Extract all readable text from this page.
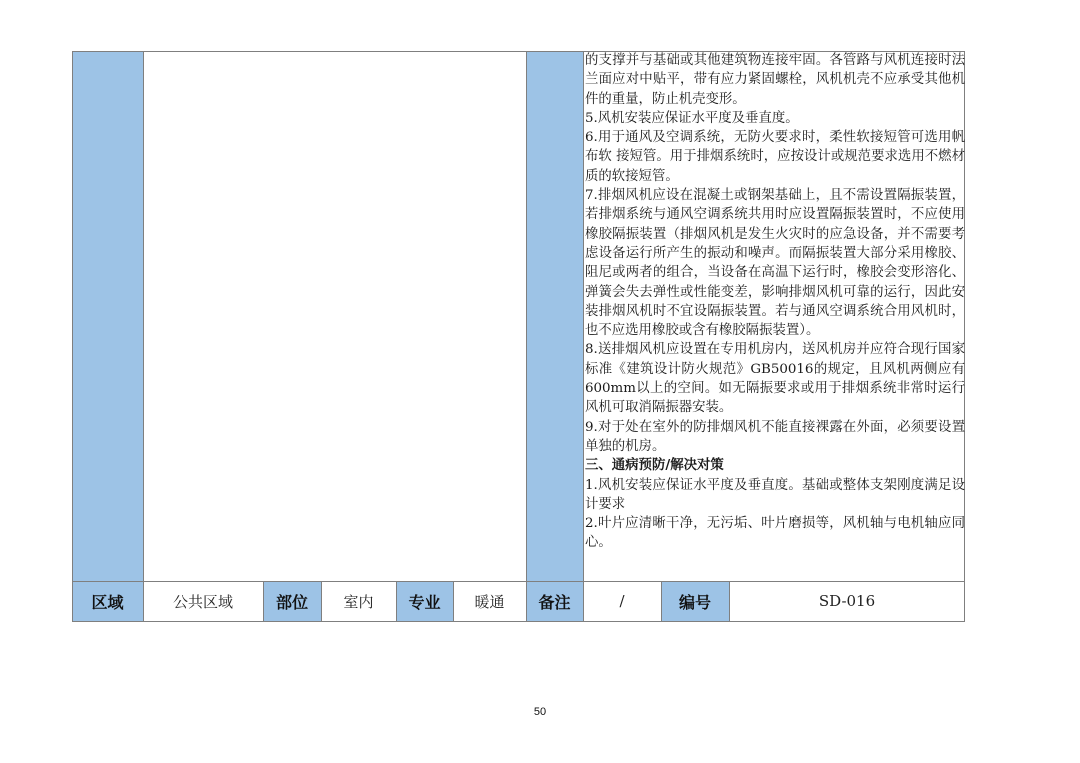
的支撑并与基础或其他建筑物连接牢固。各管路与风机连接时法兰面应对中贴平，带有应力紧固螺栓，风机机壳不应承受其他机件的重量，防止机壳变形。

5.风机安装应保证水平度及垂直度。

6.用于通风及空调系统，无防火要求时，柔性软接短管可选用帆布软 接短管。用于排烟系统时，应按设计或规范要求选用不燃材质的软接短管。

7.排烟风机应设在混凝土或钢架基础上，且不需设置隔振装置，若排烟系统与通风空调系统共用时应设置隔振装置时，不应使用橡胶隔振装置（排烟风机是发生火灾时的应急设备，并不需要考虑设备运行所产生的振动和噪声。而隔振装置大部分采用橡胶、阻尼或两者的组合，当设备在高温下运行时，橡胶会变形溶化、弹簧会失去弹性或性能变差，影响排烟风机可靠的运行，因此安装排烟风机时不宜设隔振装置。若与通风空调系统合用风机时，也不应选用橡胶或含有橡胶隔振装置）。

8.送排烟风机应设置在专用机房内，送风机房并应符合现行国家标准《建筑设计防火规范》GB50016的规定，且风机两侧应有600mm以上的空间。如无隔振要求或用于排烟系统非常时运行风机可取消隔振器安装。

9.对于处在室外的防排烟风机不能直接裸露在外面，必须要设置单独的机房。

三、通病预防/解决对策

1.风机安装应保证水平度及垂直度。基础或整体支架刚度满足设计要求

2.叶片应清晰干净，无污垢、叶片磨损等，风机轴与电机轴应同心。

区域	公共区域	部位	室内	专业	暖通	备注	/	编号	SD-016
50
